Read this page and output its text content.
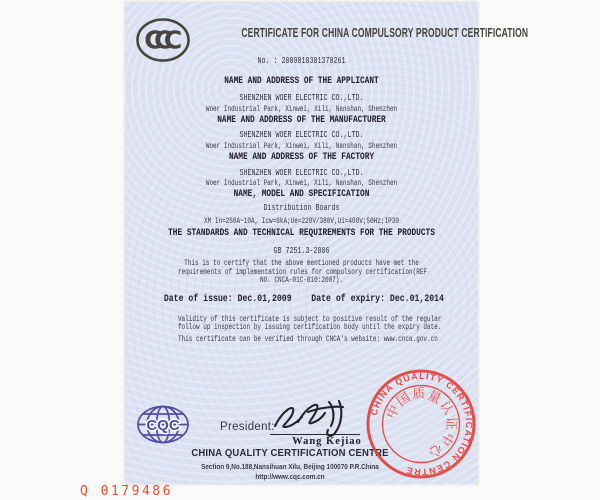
CCC	CERTIFICATE FOR CHINA COMPULSORY PRODUCT CERTIFICATION
No. : 2009010301378261
NAME AND ADDRESS OF THE APPLICANT
SHENZHEN WOER ELECTRIC CO.,LTD.
Woer Industrial Park, Xinwei, Xili, Nanshan, Shenzhen
NAME AND ADDRESS OF THE MANUFACTURER
SHENZHEN WOER ELECTRIC CO.,LTD.
Woer Industrial Park, Xinwei, Xili, Nanshan, Shenzhen
NAME AND ADDRESS OF THE FACTORY
SHENZHEN WOER ELECTRIC CO.,LTD.
Woer Industrial Park, Xinwei, Xili, Nanshan, Shenzhen
NAME, MODEL AND SPECIFICATION
Distribution Boards
XM In=250A~10A, Icw=6kA;Ue=220V/380V,Ui=400V;50Hz;IP30
THE STANDARDS AND TECHNICAL REQUIREMENTS FOR THE PRODUCTS
GB 7251.3-2006
This is to certify that the above mentioned products have met the
requirements of implementation rules for compulsory certification(REF
NO. CNCA-01C-010:2007).
Date of issue: Dec.01,2009    Date of expiry: Dec.01,2014
Validity of this certificate is subject to positive result of the regular
follow up inspection by issuing certification body until the expiry date.
This certificate can be verified through CNCA's website: www.cnca.gov.cn
CQC	President:
Wang Kejiao
CHINA QUALITY CERTIFICATION CENTRE
Section 9,No.188,Nansihuan Xilu, Beijing 100070 P.R.China
http://www.cqc.com.cn
CHINA QUALITY CERTIFICATION CENTRE
中国质量认证中心
Q 0179486
